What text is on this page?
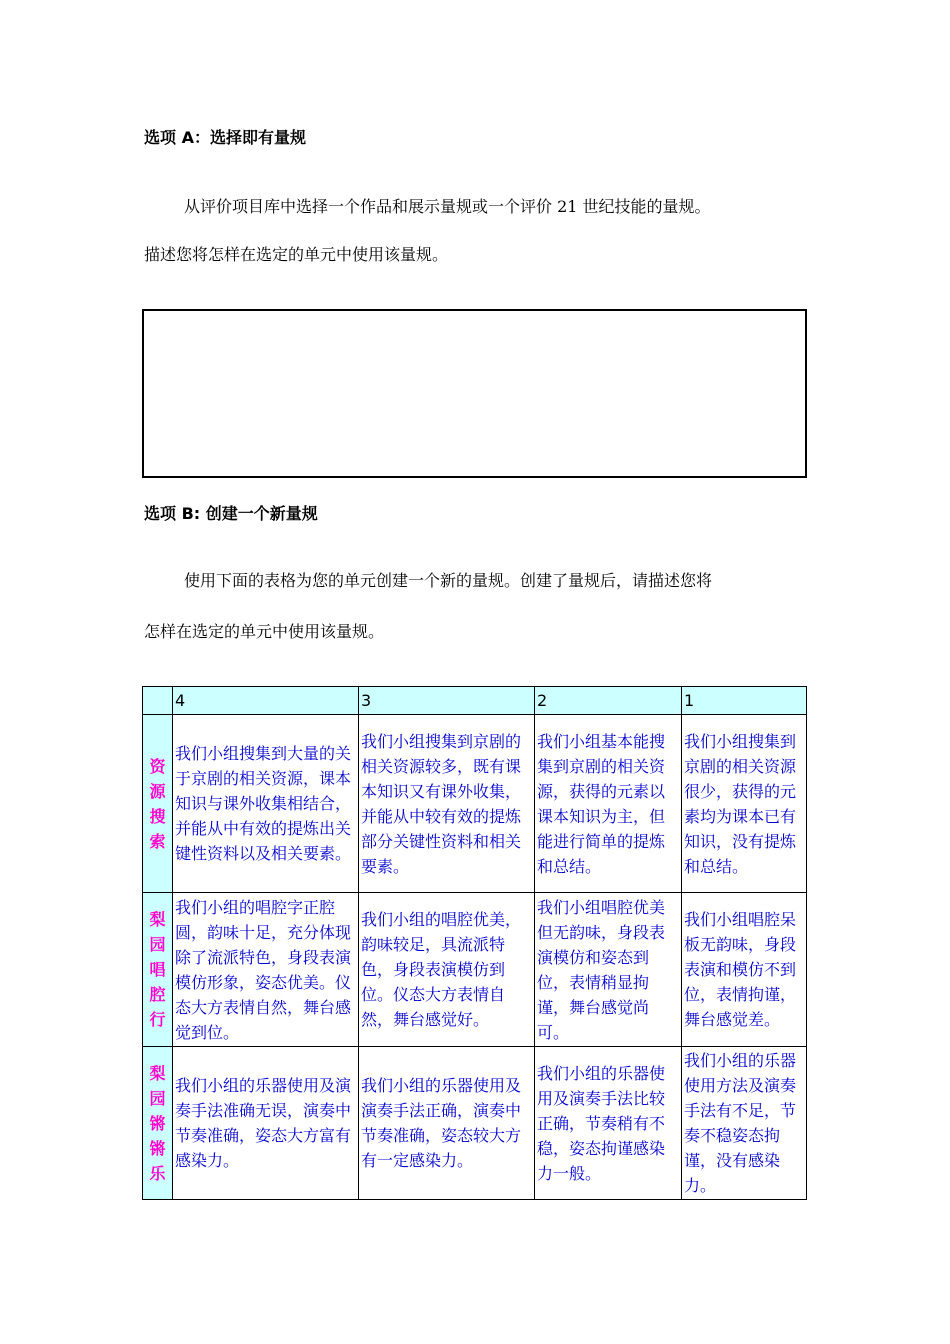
选项 A：选择即有量规
从评价项目库中选择一个作品和展示量规或一个评价 21 世纪技能的量规。
描述您将怎样在选定的单元中使用该量规。
选项 B: 创建一个新量规
使用下面的表格为您的单元创建一个新的量规。创建了量规后，请描述您将
怎样在选定的单元中使用该量规。
	4	3	2	1
资源搜索	我们小组搜集到大量的关于京剧的相关资源，课本知识与课外收集相结合，并能从中有效的提炼出关键性资料以及相关要素。	我们小组搜集到京剧的相关资源较多，既有课本知识又有课外收集，并能从中较有效的提炼部分关键性资料和相关要素。	我们小组基本能搜集到京剧的相关资源，获得的元素以课本知识为主，但能进行简单的提炼和总结。	我们小组搜集到京剧的相关资源很少，获得的元素均为课本已有知识，没有提炼和总结。
梨园唱腔行	我们小组的唱腔字正腔圆，韵味十足，充分体现除了流派特色，身段表演模仿形象，姿态优美。仪态大方表情自然，舞台感觉到位。	我们小组的唱腔优美，韵味较足，具流派特色，身段表演模仿到位。仪态大方表情自然，舞台感觉好。	我们小组唱腔优美但无韵味，身段表演模仿和姿态到位，表情稍显拘谨，舞台感觉尚可。	我们小组唱腔呆板无韵味，身段表演和模仿不到位，表情拘谨，舞台感觉差。
梨园锵锵乐	我们小组的乐器使用及演奏手法准确无误，演奏中节奏准确，姿态大方富有感染力。	我们小组的乐器使用及演奏手法正确，演奏中节奏准确，姿态较大方有一定感染力。	我们小组的乐器使用及演奏手法比较正确，节奏稍有不稳，姿态拘谨感染力一般。	我们小组的乐器使用方法及演奏手法有不足，节奏不稳姿态拘谨，没有感染力。
